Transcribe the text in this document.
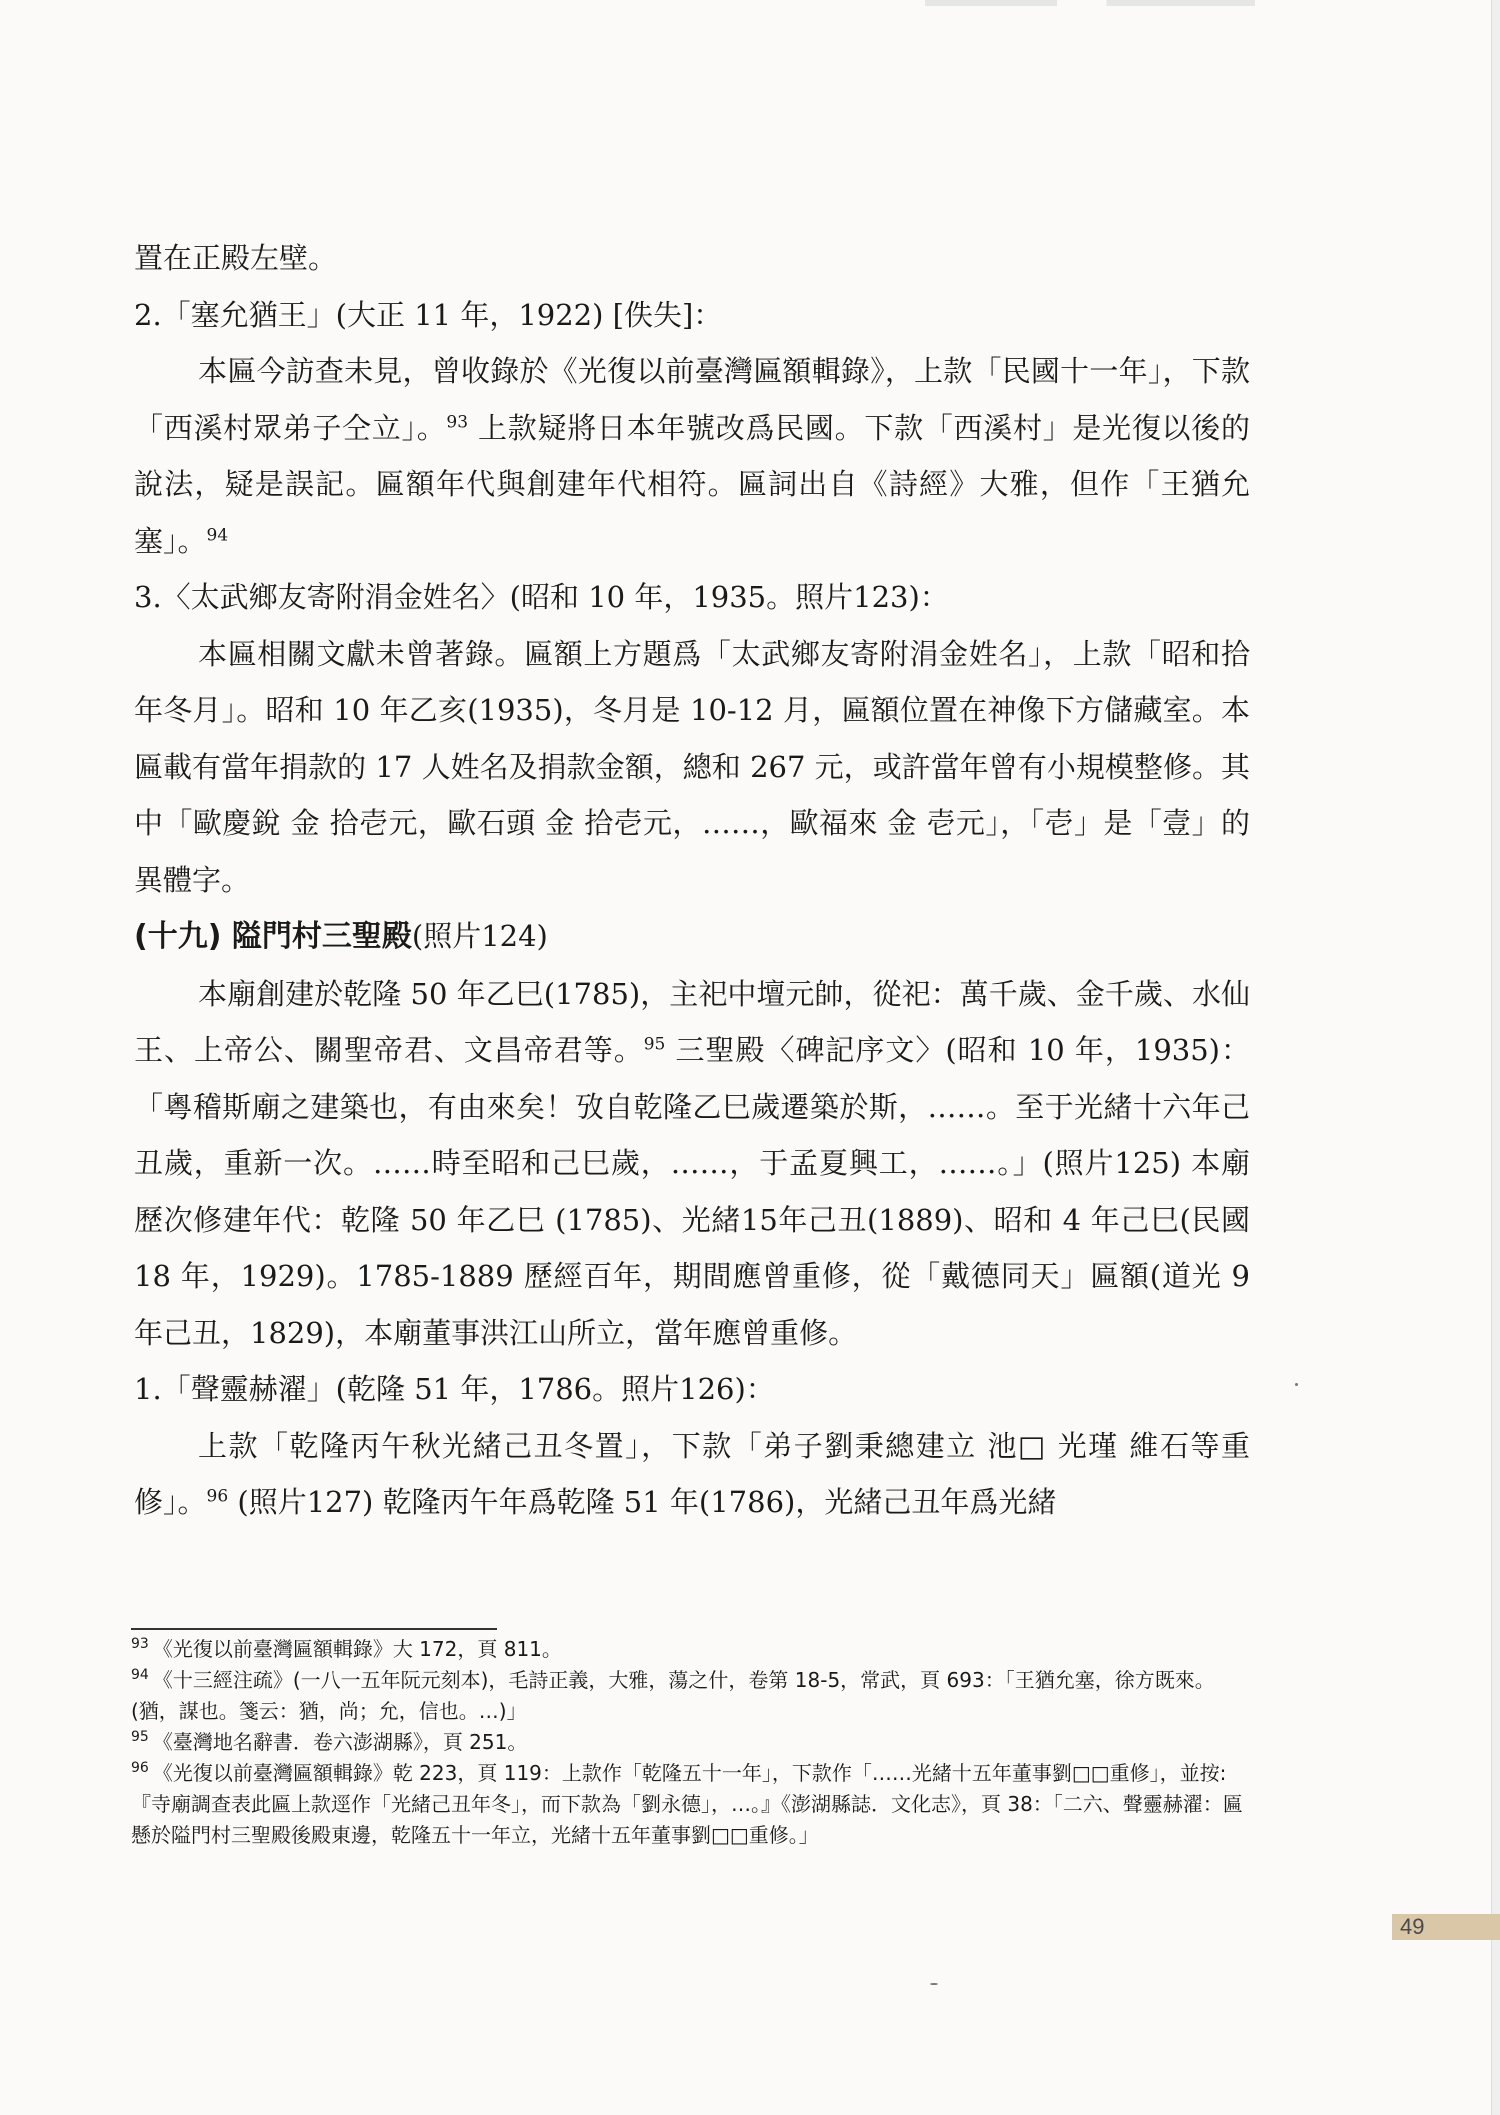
置在正殿左壁。

2.「塞允猶王」(大正 11 年，1922) [佚失]：

本匾今訪查未見，曾收錄於《光復以前臺灣匾額輯錄》，上款「民國十一年」，下款「西溪村眾弟子仝立」。$^{93}$ 上款疑將日本年號改爲民國。下款「西溪村」是光復以後的說法，疑是誤記。匾額年代與創建年代相符。匾詞出自《詩經》大雅，但作「王猶允塞」。$^{94}$

3.〈太武鄉友寄附涓金姓名〉(昭和 10 年，1935。照片123)：

本匾相關文獻未曾著錄。匾額上方題爲「太武鄉友寄附涓金姓名」，上款「昭和拾年冬月」。昭和 10 年乙亥(1935)，冬月是 10-12 月，匾額位置在神像下方儲藏室。本匾載有當年捐款的 17 人姓名及捐款金額，總和 267 元，或許當年曾有小規模整修。其中「歐慶銳 金 拾壱元，歐石頭 金 拾壱元，……，歐福來 金 壱元」，「壱」是「壹」的異體字。

(十九) 隘門村三聖殿(照片124)

本廟創建於乾隆 50 年乙巳(1785)，主祀中壇元帥，從祀：萬千歲、金千歲、水仙王、上帝公、關聖帝君、文昌帝君等。$^{95}$ 三聖殿〈碑記序文〉(昭和 10 年，1935)：「粵稽斯廟之建築也，有由來矣！攷自乾隆乙巳歲遷築於斯，……。至于光緒十六年己丑歲，重新一次。……時至昭和己巳歲，……，于孟夏興工，……。」(照片125) 本廟歷次修建年代：乾隆 50 年乙巳 (1785)、光緒15年己丑(1889)、昭和 4 年己巳(民國 18 年，1929)。1785-1889 歷經百年，期間應曾重修，從「戴德同天」匾額(道光 9 年己丑，1829)，本廟董事洪江山所立，當年應曾重修。

1.「聲靈赫濯」(乾隆 51 年，1786。照片126)：

上款「乾隆丙午秋光緒己丑冬置」，下款「弟子劉秉總建立 池□ 光瑾 維石等重修」。$^{96}$ (照片127) 乾隆丙午年爲乾隆 51 年(1786)，光緒己丑年爲光緒

$^{93}$ 《光復以前臺灣匾額輯錄》大 172，頁 811。

$^{94}$ 《十三經注疏》(一八一五年阮元刻本)，毛詩正義，大雅，蕩之什，卷第 18-5，常武，頁 693：「王猶允塞，徐方既來。(猶，謀也。箋云：猶，尚；允，信也。…)」

$^{95}$ 《臺灣地名辭書．卷六澎湖縣》，頁 251。

$^{96}$ 《光復以前臺灣匾額輯錄》乾 223，頁 119：上款作「乾隆五十一年」，下款作「……光緒十五年董事劉□□重修」，並按:『寺廟調查表此匾上款逕作「光緒己丑年冬」，而下款為「劉永德」，…。』《澎湖縣誌．文化志》，頁 38：「二六、聲靈赫濯：匾懸於隘門村三聖殿後殿東邊，乾隆五十一年立，光緒十五年董事劉□□重修。」

49
